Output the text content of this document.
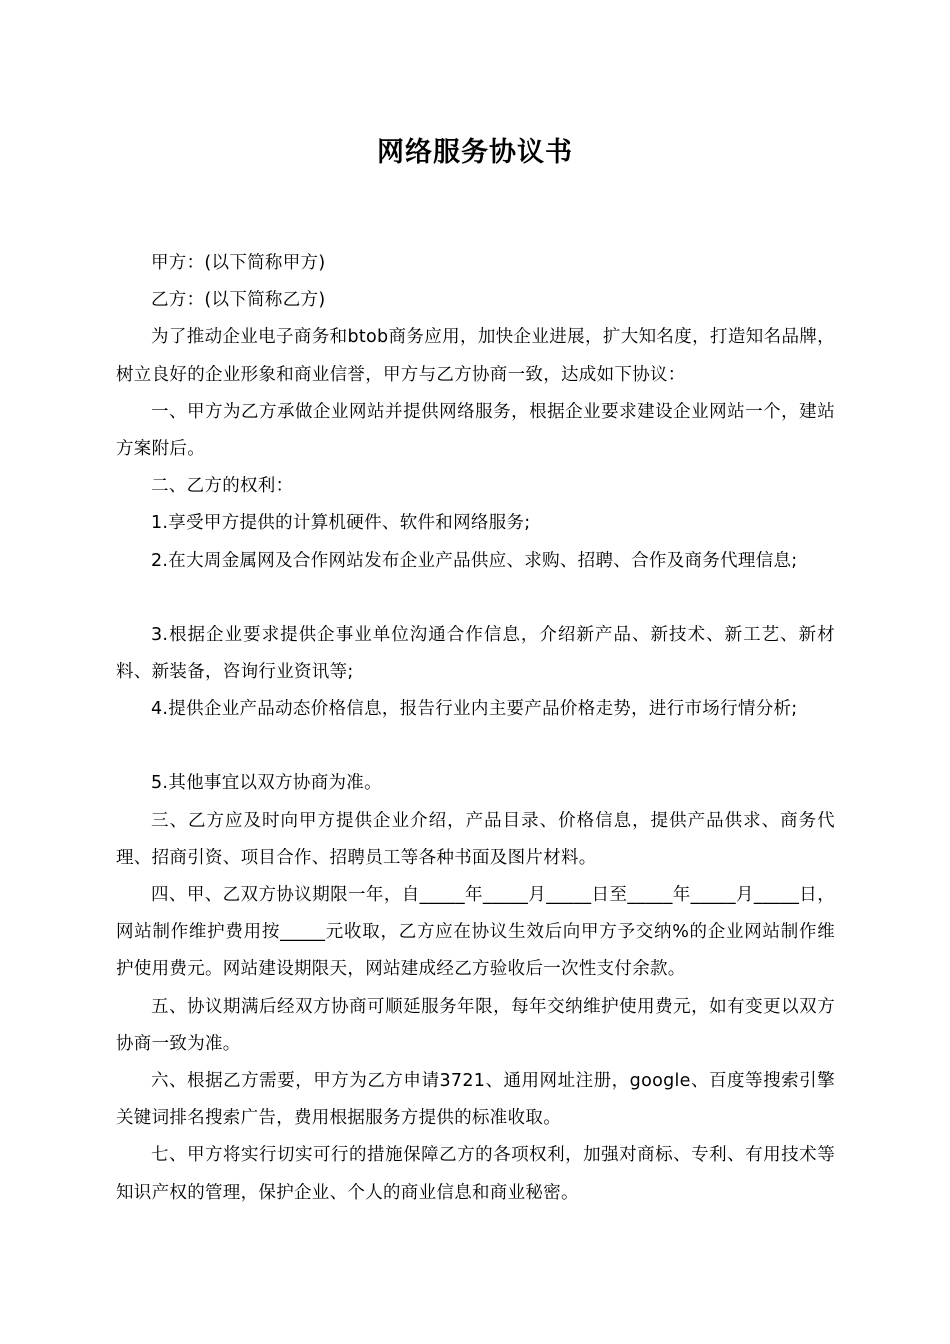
网络服务协议书

甲方：(以下简称甲方)

乙方：(以下简称乙方)

为了推动企业电子商务和btob商务应用，加快企业进展，扩大知名度，打造知名品牌，树立良好的企业形象和商业信誉，甲方与乙方协商一致，达成如下协议：

一、甲方为乙方承做企业网站并提供网络服务，根据企业要求建设企业网站一个，建站方案附后。

二、乙方的权利：

1.享受甲方提供的计算机硬件、软件和网络服务;

2.在大周金属网及合作网站发布企业产品供应、求购、招聘、合作及商务代理信息;

3.根据企业要求提供企事业单位沟通合作信息，介绍新产品、新技术、新工艺、新材料、新装备，咨询行业资讯等;

4.提供企业产品动态价格信息，报告行业内主要产品价格走势，进行市场行情分析;

5.其他事宜以双方协商为准。

三、乙方应及时向甲方提供企业介绍，产品目录、价格信息，提供产品供求、商务代理、招商引资、项目合作、招聘员工等各种书面及图片材料。

四、甲、乙双方协议期限一年，自_____年_____月_____日至_____年_____月_____日，网站制作维护费用按_____元收取，乙方应在协议生效后向甲方予交纳%的企业网站制作维护使用费元。网站建设期限天，网站建成经乙方验收后一次性支付余款。

五、协议期满后经双方协商可顺延服务年限，每年交纳维护使用费元，如有变更以双方协商一致为准。

六、根据乙方需要，甲方为乙方申请3721、通用网址注册，google、百度等搜索引擎关键词排名搜索广告，费用根据服务方提供的标准收取。

七、甲方将实行切实可行的措施保障乙方的各项权利，加强对商标、专利、有用技术等知识产权的管理，保护企业、个人的商业信息和商业秘密。
